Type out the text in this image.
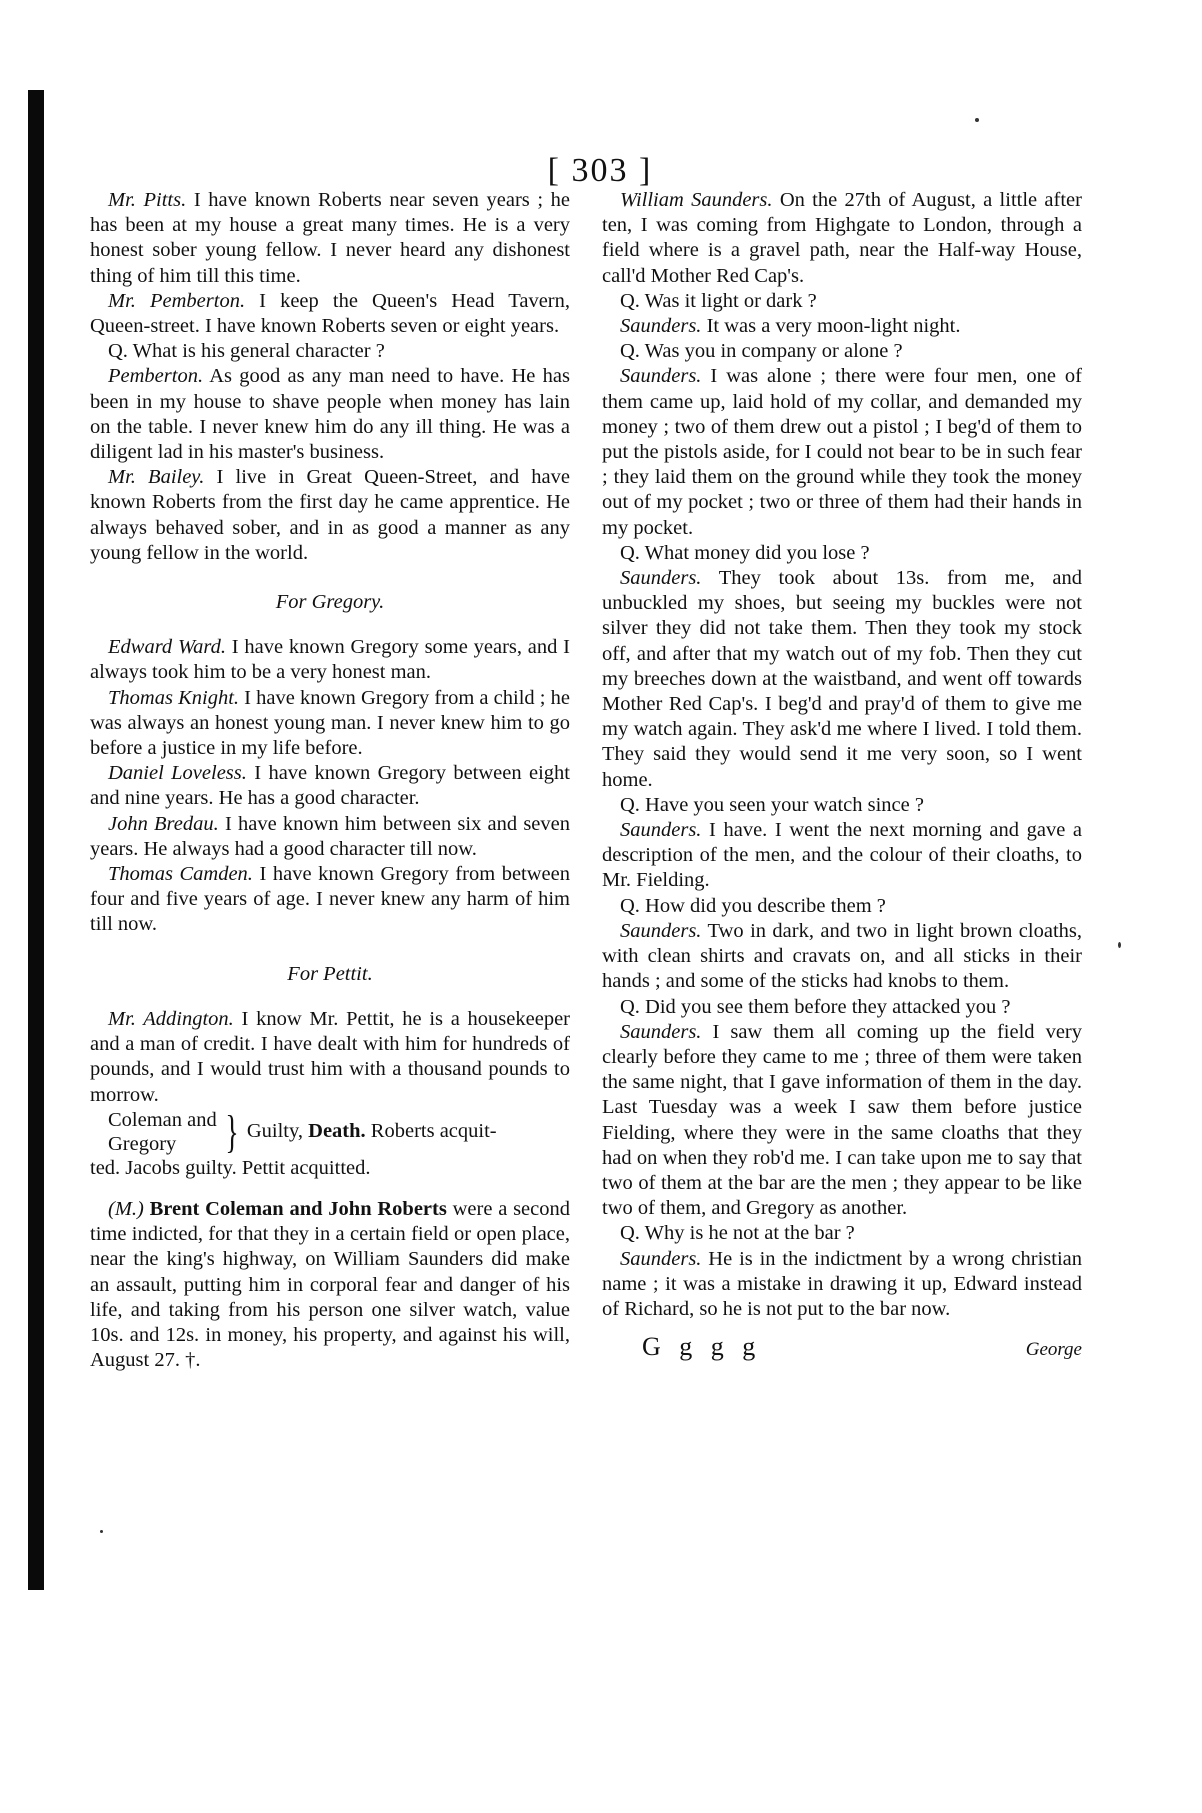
[ 303 ]

Mr. Pitts. I have known Roberts near seven years ; he has been at my house a great many times. He is a very honest sober young fellow. I never heard any dishonest thing of him till this time.

Mr. Pemberton. I keep the Queen's Head Tavern, Queen-street. I have known Roberts seven or eight years.

Q. What is his general character ?

Pemberton. As good as any man need to have. He has been in my house to shave people when money has lain on the table. I never knew him do any ill thing. He was a diligent lad in his master's business.

Mr. Bailey. I live in Great Queen-Street, and have known Roberts from the first day he came apprentice. He always behaved sober, and in as good a manner as any young fellow in the world.

For Gregory.

Edward Ward. I have known Gregory some years, and I always took him to be a very honest man.

Thomas Knight. I have known Gregory from a child ; he was always an honest young man. I never knew him to go before a justice in my life before.

Daniel Loveless. I have known Gregory between eight and nine years. He has a good character.

John Bredau. I have known him between six and seven years. He always had a good character till now.

Thomas Camden. I have known Gregory from between four and five years of age. I never knew any harm of him till now.

For Pettit.

Mr. Addington. I know Mr. Pettit, he is a housekeeper and a man of credit. I have dealt with him for hundreds of pounds, and I would trust him with a thousand pounds to morrow.

Coleman and
Gregory	} Guilty, Death. Roberts acquit-

ted. Jacobs guilty. Pettit acquitted.

(M.) Brent Coleman and John Roberts were a second time indicted, for that they in a certain field or open place, near the king's highway, on William Saunders did make an assault, putting him in corporal fear and danger of his life, and taking from his person one silver watch, value 10s. and 12s. in money, his property, and against his will, August 27. †.

William Saunders. On the 27th of August, a little after ten, I was coming from Highgate to London, through a field where is a gravel path, near the Half-way House, call'd Mother Red Cap's.

Q. Was it light or dark ?

Saunders. It was a very moon-light night.

Q. Was you in company or alone ?

Saunders. I was alone ; there were four men, one of them came up, laid hold of my collar, and demanded my money ; two of them drew out a pistol ; I beg'd of them to put the pistols aside, for I could not bear to be in such fear ; they laid them on the ground while they took the money out of my pocket ; two or three of them had their hands in my pocket.

Q. What money did you lose ?

Saunders. They took about 13s. from me, and unbuckled my shoes, but seeing my buckles were not silver they did not take them. Then they took my stock off, and after that my watch out of my fob. Then they cut my breeches down at the waistband, and went off towards Mother Red Cap's. I beg'd and pray'd of them to give me my watch again. They ask'd me where I lived. I told them. They said they would send it me very soon, so I went home.

Q. Have you seen your watch since ?

Saunders. I have. I went the next morning and gave a description of the men, and the colour of their cloaths, to Mr. Fielding.

Q. How did you describe them ?

Saunders. Two in dark, and two in light brown cloaths, with clean shirts and cravats on, and all sticks in their hands ; and some of the sticks had knobs to them.

Q. Did you see them before they attacked you ?

Saunders. I saw them all coming up the field very clearly before they came to me ; three of them were taken the same night, that I gave information of them in the day. Last Tuesday was a week I saw them before justice Fielding, where they were in the same cloaths that they had on when they rob'd me. I can take upon me to say that two of them at the bar are the men ; they appear to be like two of them, and Gregory as another.

Q. Why is he not at the bar ?

Saunders. He is in the indictment by a wrong christian name ; it was a mistake in drawing it up, Edward instead of Richard, so he is not put to the bar now.

G g g g	George
